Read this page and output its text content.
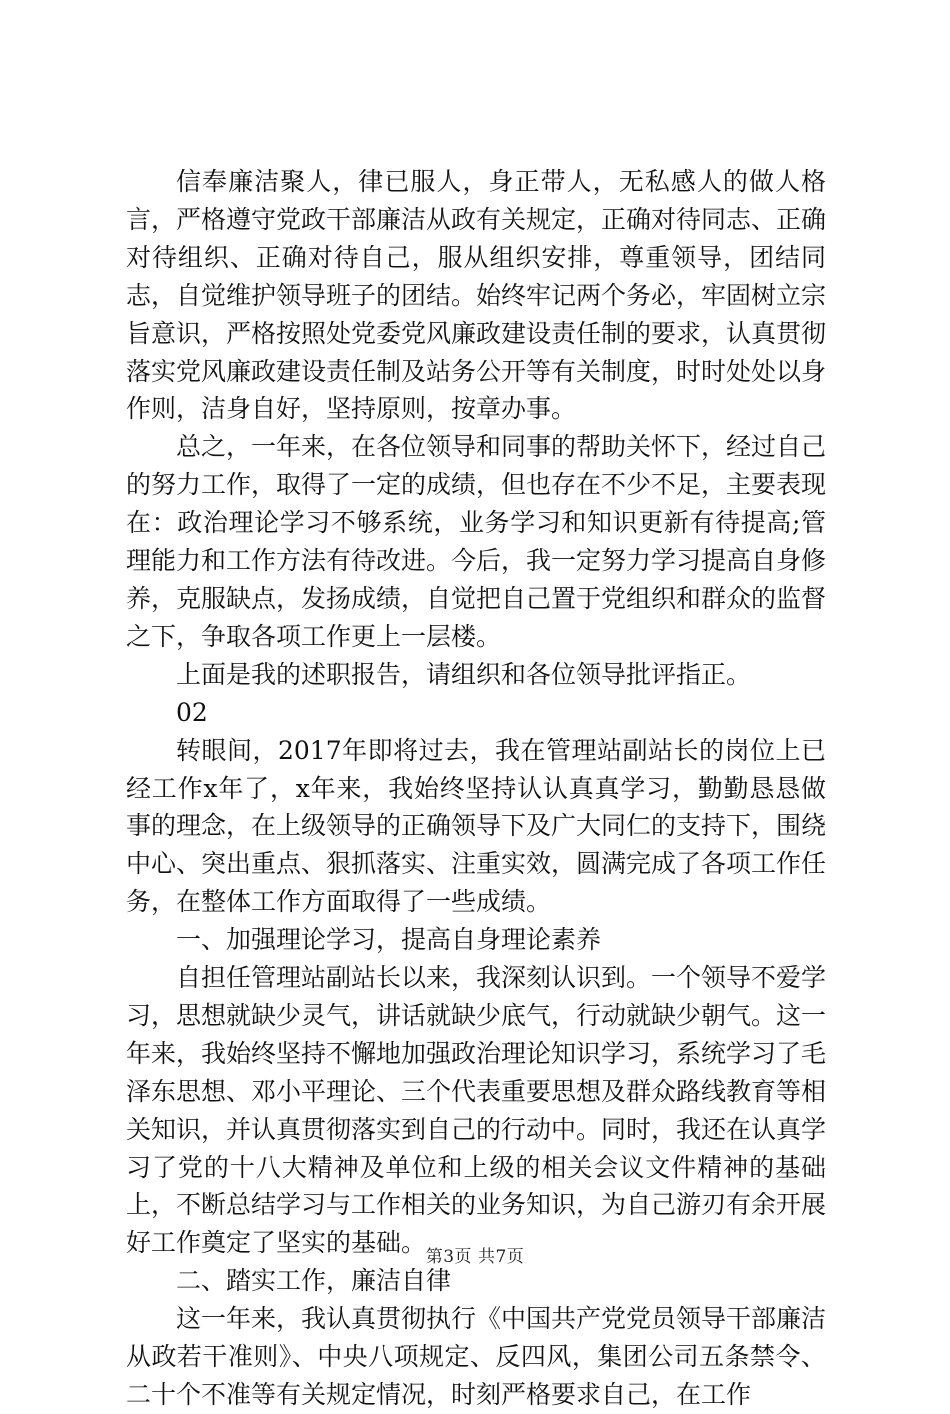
信奉廉洁聚人，律已服人，身正带人，无私感人的做人格言，严格遵守党政干部廉洁从政有关规定，正确对待同志、正确对待组织、正确对待自己，服从组织安排，尊重领导，团结同志，自觉维护领导班子的团结。始终牢记两个务必，牢固树立宗旨意识，严格按照处党委党风廉政建设责任制的要求，认真贯彻落实党风廉政建设责任制及站务公开等有关制度，时时处处以身作则，洁身自好，坚持原则，按章办事。

总之，一年来，在各位领导和同事的帮助关怀下，经过自己的努力工作，取得了一定的成绩，但也存在不少不足，主要表现在：政治理论学习不够系统，业务学习和知识更新有待提高;管理能力和工作方法有待改进。今后，我一定努力学习提高自身修养，克服缺点，发扬成绩，自觉把自己置于党组织和群众的监督之下，争取各项工作更上一层楼。

上面是我的述职报告，请组织和各位领导批评指正。

02

转眼间，2017年即将过去，我在管理站副站长的岗位上已经工作x年了，x年来，我始终坚持认认真真学习，勤勤恳恳做事的理念，在上级领导的正确领导下及广大同仁的支持下，围绕中心、突出重点、狠抓落实、注重实效，圆满完成了各项工作任务，在整体工作方面取得了一些成绩。

一、加强理论学习，提高自身理论素养

自担任管理站副站长以来，我深刻认识到。一个领导不爱学习，思想就缺少灵气，讲话就缺少底气，行动就缺少朝气。这一年来，我始终坚持不懈地加强政治理论知识学习，系统学习了毛泽东思想、邓小平理论、三个代表重要思想及群众路线教育等相关知识，并认真贯彻落实到自己的行动中。同时，我还在认真学习了党的十八大精神及单位和上级的相关会议文件精神的基础上，不断总结学习与工作相关的业务知识，为自己游刃有余开展好工作奠定了坚实的基础。

二、踏实工作，廉洁自律

这一年来，我认真贯彻执行《中国共产党党员领导干部廉洁从政若干准则》、中央八项规定、反四风，集团公司五条禁令、二十个不准等有关规定情况，时刻严格要求自己，在工作

第3页 共7页
